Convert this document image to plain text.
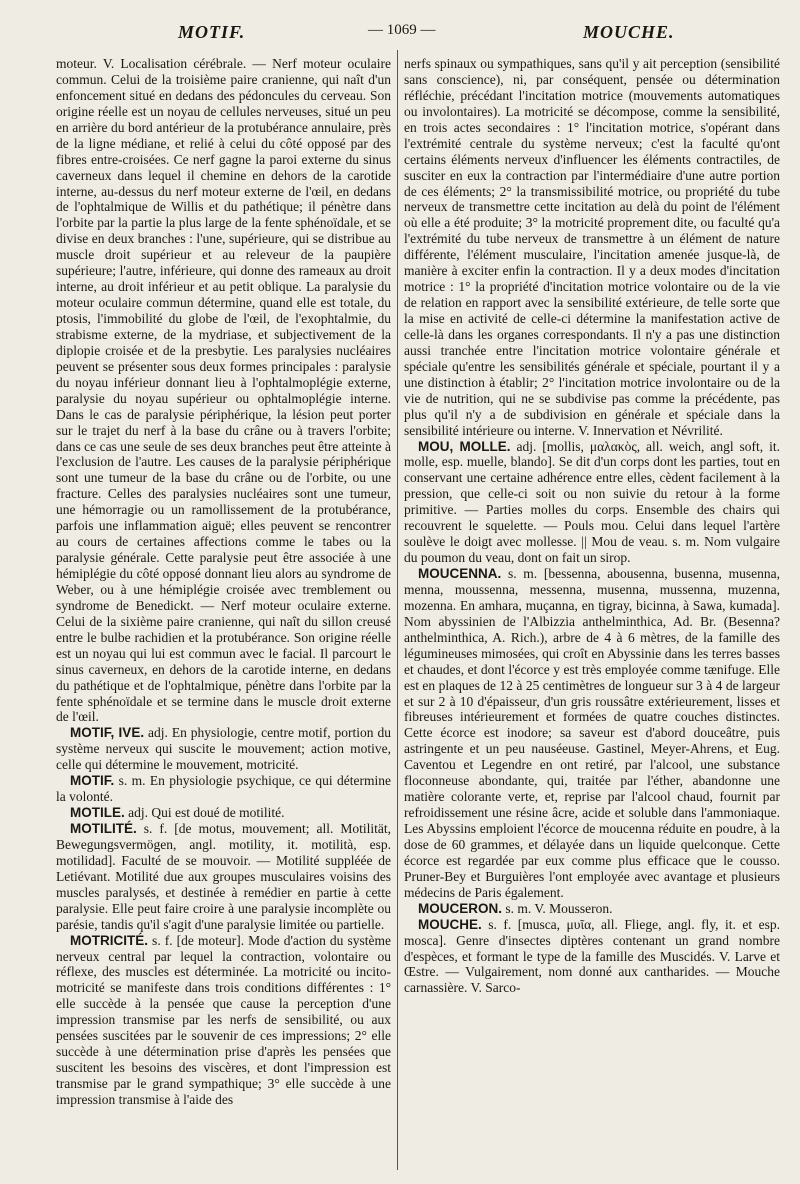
MOTIF.	— 1069 —	MOUCHE.

moteur. V. Localisation cérébrale. — Nerf moteur oculaire commun. Celui de la troisième paire cranienne, qui naît d'un enfoncement situé en dedans des pédoncules du cerveau. Son origine réelle est un noyau de cellules nerveuses, situé un peu en arrière du bord antérieur de la protubérance annulaire, près de la ligne médiane, et relié à celui du côté opposé par des fibres entre-croisées. Ce nerf gagne la paroi externe du sinus caverneux dans lequel il chemine en dehors de la carotide interne, au-dessus du nerf moteur externe de l'œil, en dedans de l'ophtalmique de Willis et du pathétique; il pénètre dans l'orbite par la partie la plus large de la fente sphénoïdale, et se divise en deux branches : l'une, supérieure, qui se distribue au muscle droit supérieur et au releveur de la paupière supérieure; l'autre, inférieure, qui donne des rameaux au droit interne, au droit inférieur et au petit oblique. La paralysie du moteur oculaire commun détermine, quand elle est totale, du ptosis, l'immobilité du globe de l'œil, de l'exophtalmie, du strabisme externe, de la mydriase, et subjectivement de la diplopie croisée et de la presbytie. Les paralysies nucléaires peuvent se présenter sous deux formes principales : paralysie du noyau inférieur donnant lieu à l'ophtalmoplégie externe, paralysie du noyau supérieur ou ophtalmoplégie interne. Dans le cas de paralysie périphérique, la lésion peut porter sur le trajet du nerf à la base du crâne ou à travers l'orbite; dans ce cas une seule de ses deux branches peut être atteinte à l'exclusion de l'autre. Les causes de la paralysie périphérique sont une tumeur de la base du crâne ou de l'orbite, ou une fracture. Celles des paralysies nucléaires sont une tumeur, une hémorragie ou un ramollissement de la protubérance, parfois une inflammation aiguë; elles peuvent se rencontrer au cours de certaines affections comme le tabes ou la paralysie générale. Cette paralysie peut être associée à une hémiplégie du côté opposé donnant lieu alors au syndrome de Weber, ou à une hémiplégie croisée avec tremblement ou syndrome de Benedickt. — Nerf moteur oculaire externe. Celui de la sixième paire cranienne, qui naît du sillon creusé entre le bulbe rachidien et la protubérance. Son origine réelle est un noyau qui lui est commun avec le facial. Il parcourt le sinus caverneux, en dehors de la carotide interne, en dedans du pathétique et de l'ophtalmique, pénètre dans l'orbite par la fente sphénoïdale et se termine dans le muscle droit externe de l'œil.

MOTIF, IVE. adj. En physiologie, centre motif, portion du système nerveux qui suscite le mouvement; action motive, celle qui détermine le mouvement, motricité.

MOTIF. s. m. En physiologie psychique, ce qui détermine la volonté.

MOTILE. adj. Qui est doué de motilité.

MOTILITÉ. s. f. [de motus, mouvement; all. Motilität, Bewegungsvermögen, angl. motility, it. motilità, esp. motilidad]. Faculté de se mouvoir. — Motilité suppléée de Letiévant. Motilité due aux groupes musculaires voisins des muscles paralysés, et destinée à remédier en partie à cette paralysie. Elle peut faire croire à une paralysie incomplète ou parésie, tandis qu'il s'agit d'une paralysie limitée ou partielle.

MOTRICITÉ. s. f. [de moteur]. Mode d'action du système nerveux central par lequel la contraction, volontaire ou réflexe, des muscles est déterminée. La motricité ou incito-motricité se manifeste dans trois conditions différentes : 1° elle succède à la pensée que cause la perception d'une impression transmise par les nerfs de sensibilité, ou aux pensées suscitées par le souvenir de ces impressions; 2° elle succède à une détermination prise d'après les pensées que suscitent les besoins des viscères, et dont l'impression est transmise par le grand sympathique; 3° elle succède à une impression transmise à l'aide des

nerfs spinaux ou sympathiques, sans qu'il y ait perception (sensibilité sans conscience), ni, par conséquent, pensée ou détermination réfléchie, précédant l'incitation motrice (mouvements automatiques ou involontaires). La motricité se décompose, comme la sensibilité, en trois actes secondaires : 1° l'incitation motrice, s'opérant dans l'extrémité centrale du système nerveux; c'est la faculté qu'ont certains éléments nerveux d'influencer les éléments contractiles, de susciter en eux la contraction par l'intermédiaire d'une autre portion de ces éléments; 2° la transmissibilité motrice, ou propriété du tube nerveux de transmettre cette incitation au delà du point de l'élément où elle a été produite; 3° la motricité proprement dite, ou faculté qu'a l'extrémité du tube nerveux de transmettre à un élément de nature différente, l'élément musculaire, l'incitation amenée jusque-là, de manière à exciter enfin la contraction. Il y a deux modes d'incitation motrice : 1° la propriété d'incitation motrice volontaire ou de la vie de relation en rapport avec la sensibilité extérieure, de telle sorte que la mise en activité de celle-ci détermine la manifestation active de celle-là dans les organes correspondants. Il n'y a pas une distinction aussi tranchée entre l'incitation motrice volontaire générale et spéciale qu'entre les sensibilités générale et spéciale, pourtant il y a une distinction à établir; 2° l'incitation motrice involontaire ou de la vie de nutrition, qui ne se subdivise pas comme la précédente, pas plus qu'il n'y a de subdivision en générale et spéciale dans la sensibilité intérieure ou interne. V. Innervation et Névrilité.

MOU, MOLLE. adj. [mollis, μαλακὸς, all. weich, angl soft, it. molle, esp. muelle, blando]. Se dit d'un corps dont les parties, tout en conservant une certaine adhérence entre elles, cèdent facilement à la pression, que celle-ci soit ou non suivie du retour à la forme primitive. — Parties molles du corps. Ensemble des chairs qui recouvrent le squelette. — Pouls mou. Celui dans lequel l'artère soulève le doigt avec mollesse. || Mou de veau. s. m. Nom vulgaire du poumon du veau, dont on fait un sirop.

MOUCENNA. s. m. [bessenna, abousenna, busenna, musenna, menna, moussenna, messenna, musenna, mussenna, muzenna, mozenna. En amhara, muçanna, en tigray, bicinna, à Sawa, kumada]. Nom abyssinien de l'Albizzia anthelminthica, Ad. Br. (Besenna? anthelminthica, A. Rich.), arbre de 4 à 6 mètres, de la famille des légumineuses mimosées, qui croît en Abyssinie dans les terres basses et chaudes, et dont l'écorce y est très employée comme tænifuge. Elle est en plaques de 12 à 25 centimètres de longueur sur 3 à 4 de largeur et sur 2 à 10 d'épaisseur, d'un gris roussâtre extérieurement, lisses et fibreuses intérieurement et formées de quatre couches distinctes. Cette écorce est inodore; sa saveur est d'abord douceâtre, puis astringente et un peu nauséeuse. Gastinel, Meyer-Ahrens, et Eug. Caventou et Legendre en ont retiré, par l'alcool, une substance floconneuse abondante, qui, traitée par l'éther, abandonne une matière colorante verte, et, reprise par l'alcool chaud, fournit par refroidissement une résine âcre, acide et soluble dans l'ammoniaque. Les Abyssins emploient l'écorce de moucenna réduite en poudre, à la dose de 60 grammes, et délayée dans un liquide quelconque. Cette écorce est regardée par eux comme plus efficace que le cousso. Pruner-Bey et Burguières l'ont employée avec avantage et plusieurs médecins de Paris également.

MOUCERON. s. m. V. Mousseron.

MOUCHE. s. f. [musca, μυῖα, all. Fliege, angl. fly, it. et esp. mosca]. Genre d'insectes diptères contenant un grand nombre d'espèces, et formant le type de la famille des Muscidés. V. Larve et Œstre. — Vulgairement, nom donné aux cantharides. — Mouche carnassière. V. Sarco-
